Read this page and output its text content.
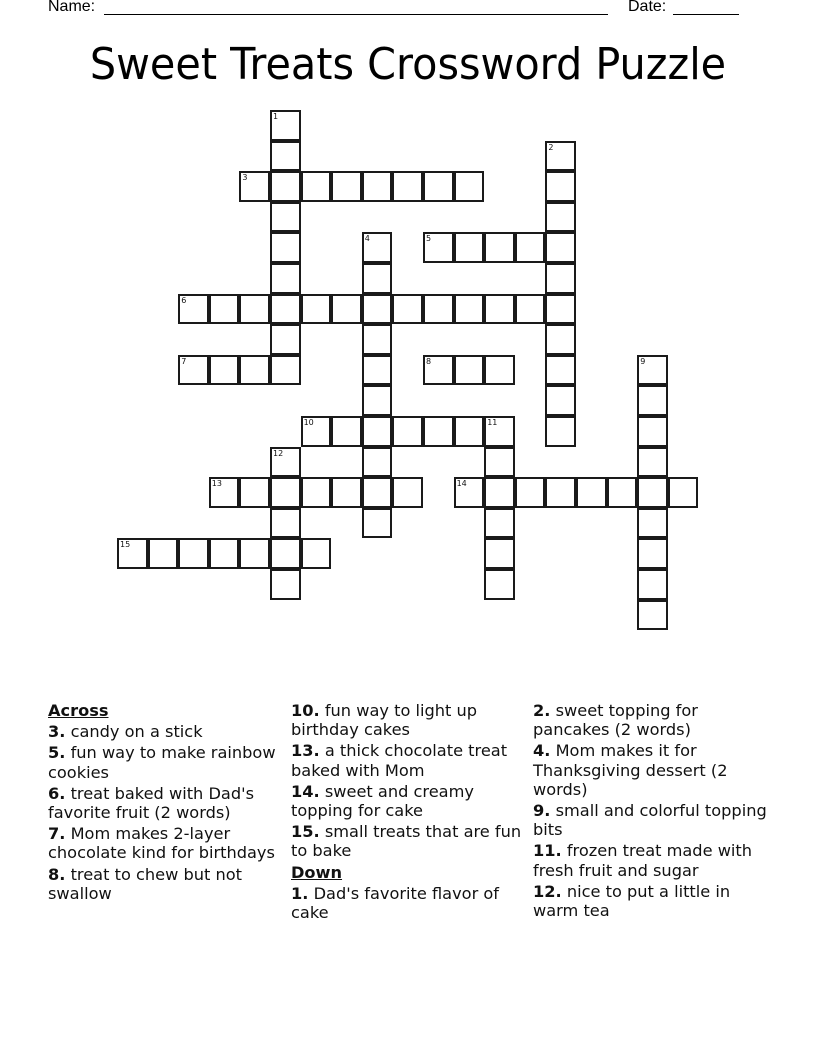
Name:	Date:
Sweet Treats Crossword Puzzle
1
2
3
4	5
6
7	8	9
10	11
12
13	14
15
Across
3. candy on a stick
5. fun way to make rainbow cookies
6. treat baked with Dad's favorite fruit (2 words)
7. Mom makes 2-layer chocolate kind for birthdays
8. treat to chew but not swallow
10. fun way to light up birthday cakes
13. a thick chocolate treat baked with Mom
14. sweet and creamy topping for cake
15. small treats that are fun to bake
Down
1. Dad's favorite flavor of cake
2. sweet topping for pancakes (2 words)
4. Mom makes it for Thanksgiving dessert (2 words)
9. small and colorful topping bits
11. frozen treat made with fresh fruit and sugar
12. nice to put a little in warm tea
